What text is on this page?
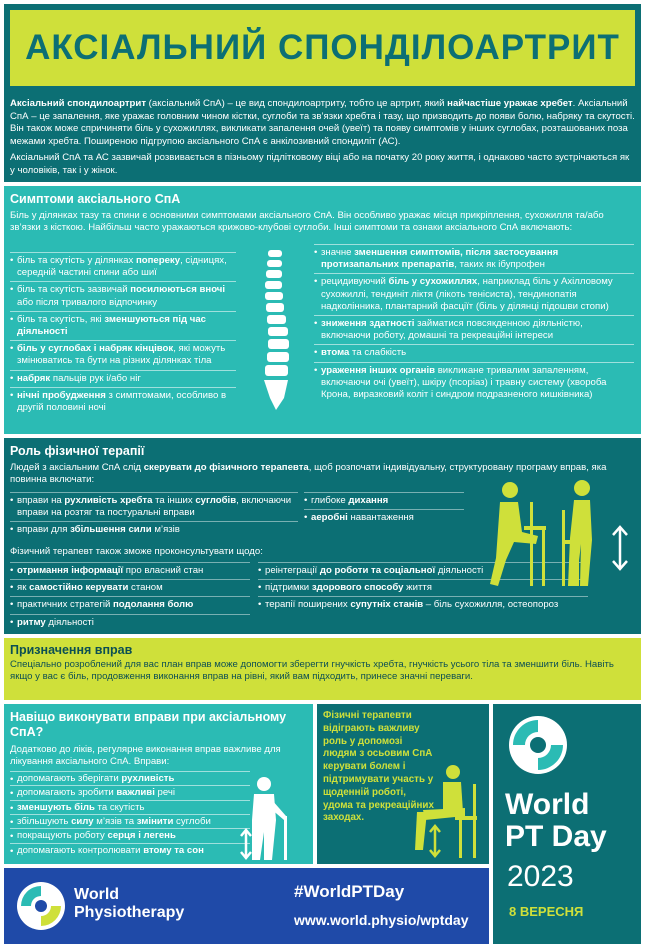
АКСІАЛЬНИЙ СПОНДІЛОАРТРИТ

Аксіальний спондилоартрит (аксіальний СпА) – це вид спондилоартриту, тобто це артрит, який найчастіше уражає хребет. Аксіальний СпА – це запалення, яке уражає головним чином кістки, суглоби та зв’язки хребта і тазу, що призводить до появи болю, набряку та скутості. Він також може спричиняти біль у сухожиллях, викликати запалення очей (увеїт) та появу симптомів у інших суглобах, розташованих поза межами хребта. Поширеною підгрупою аксіального СпА є анкілозивний спондиліт (АС).

Аксіальний СпА та АС зазвичай розвивається в пізньому підлітковому віці або на початку 20 року життя, і однаково часто зустрічаються як у чоловіків, так і у жінок.

Симптоми аксіального СпА

Біль у ділянках тазу та спини є основними симптомами аксіального СпА. Він особливо уражає місця прикріплення, сухожилля та/або зв’язки з кісткою. Найбільш часто уражаються крижово-клубові суглоби. Інші симптоми та ознаки аксіального СпА включають:

• біль та скутість у ділянках попереку, сідницях, середній частині спини або шиї
• біль та скутість зазвичай посилюються вночі або після тривалого відпочинку
• біль та скутість, які зменшуються під час діяльності
• біль у суглобах і набряк кінцівок, які можуть змінюватись та бути на різних ділянках тіла
• набряк пальців рук і/або ніг
• нічні пробудження з симптомами, особливо в другій половині ночі
• значне зменшення симптомів, після застосування протизапальних препаратів, таких як ібупрофен
• рецидивуючий біль у сухожиллях, наприклад біль у Ахілловому сухожиллі, тендиніт ліктя (лікоть тенісиста), тендинопатія надколінника, плантарний фасціїт (біль у ділянці підошви стопи)
• зниження здатності займатися повсякденною діяльністю, включаючи роботу, домашні та рекреаційні інтереси
• втома та слабкість
• ураження інших органів викликане тривалим запаленням, включаючи очі (увеїт), шкіру (псоріаз) і травну систему (хвороба Крона, виразковий коліт і синдром подразненого кишківника)
Роль фізичної терапії

Людей з аксіальним СпА слід скерувати до фізичного терапевта, щоб розпочати індивідуальну, структуровану програму вправ, яка повинна включати:

• вправи на рухливість хребта та інших суглобів, включаючи вправи на розтяг та постуральні вправи
• вправи для збільшення сили м’язів
• глибоке дихання
• аеробні навантаження

Фізичний терапевт також зможе проконсультувати щодо:

• отримання інформації про власний стан
• як самостійно керувати станом
• практичних стратегій подолання болю
• ритму діяльності
• реінтеграції до роботи та соціальної діяльності
• підтримки здорового способу життя
• терапії поширених супутніх станів – біль сухожилля, остеопороз
Призначення вправ

Спеціально розроблений для вас план вправ може допомогти зберегти гнучкість хребта, гнучкість усього тіла та зменшити біль. Навіть якщо у вас є біль, продовження виконання вправ на рівні, який вам підходить, принесе значні переваги.

Навіщо виконувати вправи при аксіальному СпА?

Додатково до ліків, регулярне виконання вправ важливе для лікування аксіального СпА. Вправи:

• допомагають зберігати рухливість
• допомагають зробити важливі речі
• зменшують біль та скутість
• збільшують силу м’язів та змінити суглоби
• покращують роботу серця і легень
• допомагають контролювати втому та сон

Фізичні терапевти відіграють важливу роль у допомозі людям з осьовим СпА керувати болем і підтримувати участь у щоденній роботі, удома та рекреаційних заходах.	World
PT Day
2023
8 ВЕРЕСНЯ
World
Physiotherapy
#WorldPTDay
www.world.physio/wptday
